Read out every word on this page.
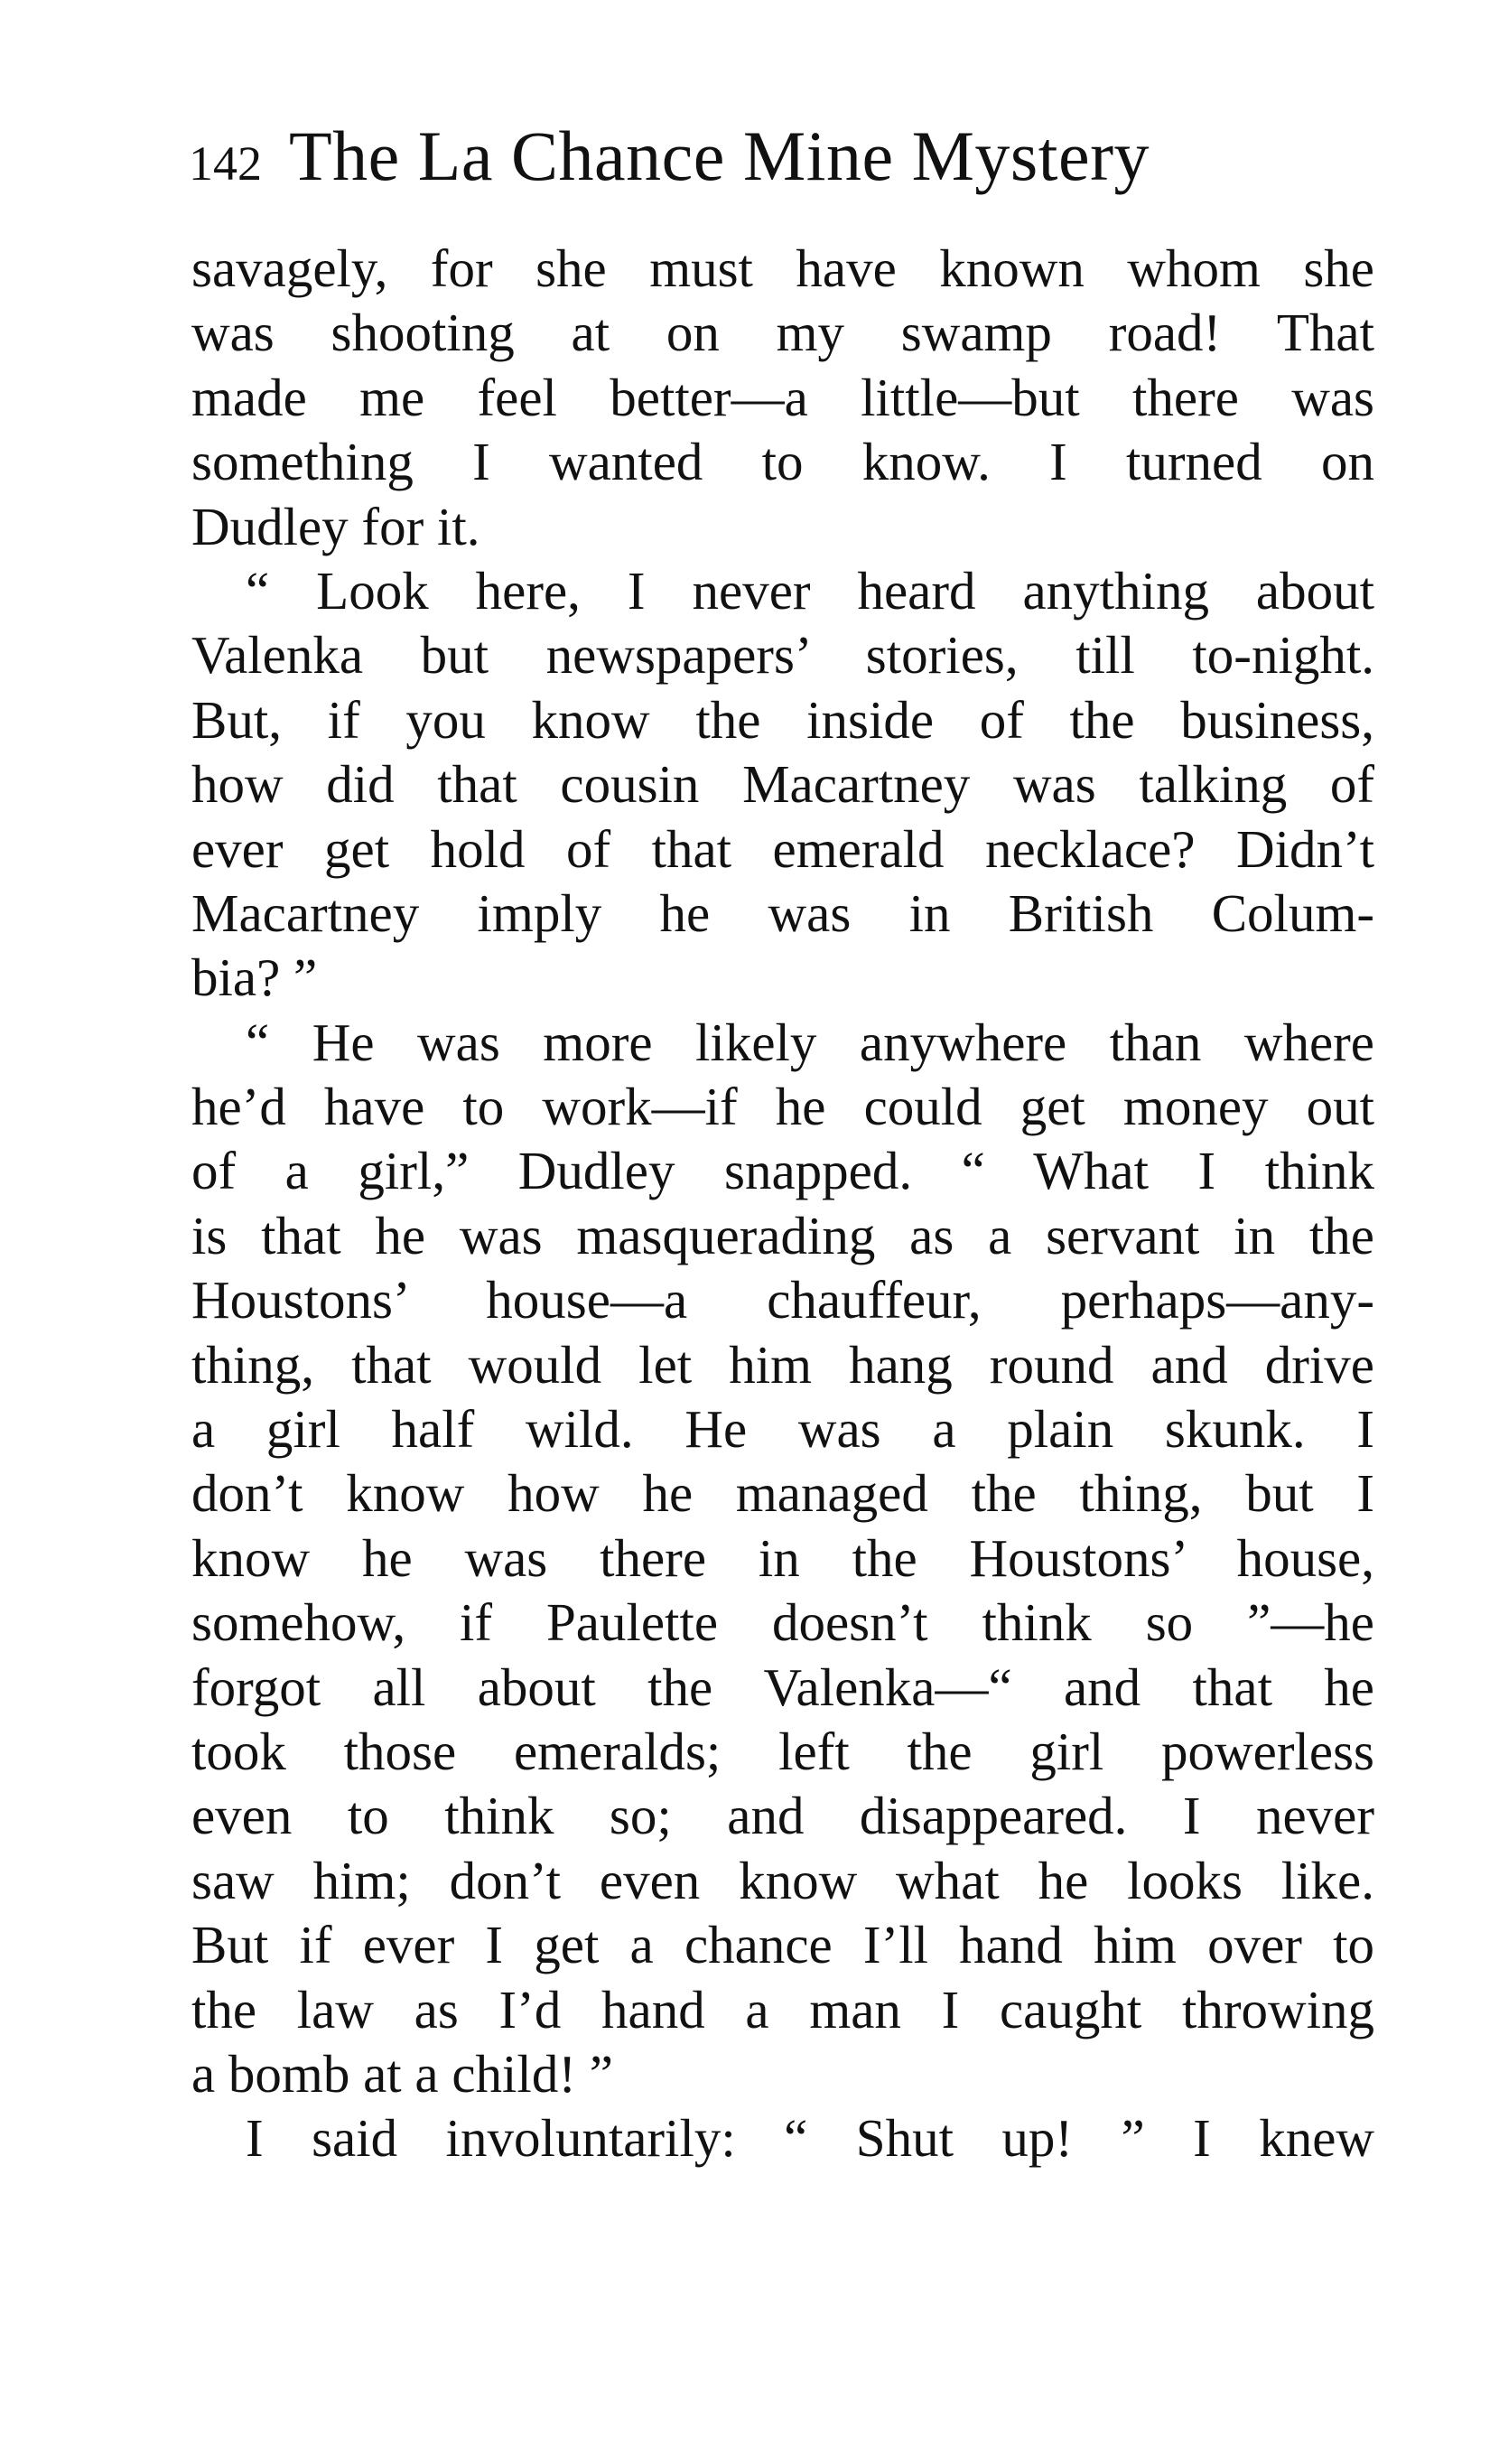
142 The La Chance Mine Mystery
savagely, for she must have known whom she
was shooting at on my swamp road! That
made me feel better—a little—but there was
something I wanted to know. I turned on
Dudley for it.
“ Look here, I never heard anything about
Valenka but newspapers’ stories, till to-night.
But, if you know the inside of the business,
how did that cousin Macartney was talking of
ever get hold of that emerald necklace? Didn’t
Macartney imply he was in British Colum-
bia? ”
“ He was more likely anywhere than where
he’d have to work—if he could get money out
of a girl,” Dudley snapped. “ What I think
is that he was masquerading as a servant in the
Houstons’ house—a chauffeur, perhaps—any-
thing, that would let him hang round and drive
a girl half wild. He was a plain skunk. I
don’t know how he managed the thing, but I
know he was there in the Houstons’ house,
somehow, if Paulette doesn’t think so ”—he
forgot all about the Valenka—“ and that he
took those emeralds; left the girl powerless
even to think so; and disappeared. I never
saw him; don’t even know what he looks like.
But if ever I get a chance I’ll hand him over to
the law as I’d hand a man I caught throwing
a bomb at a child! ”
I said involuntarily: “ Shut up! ” I knew
